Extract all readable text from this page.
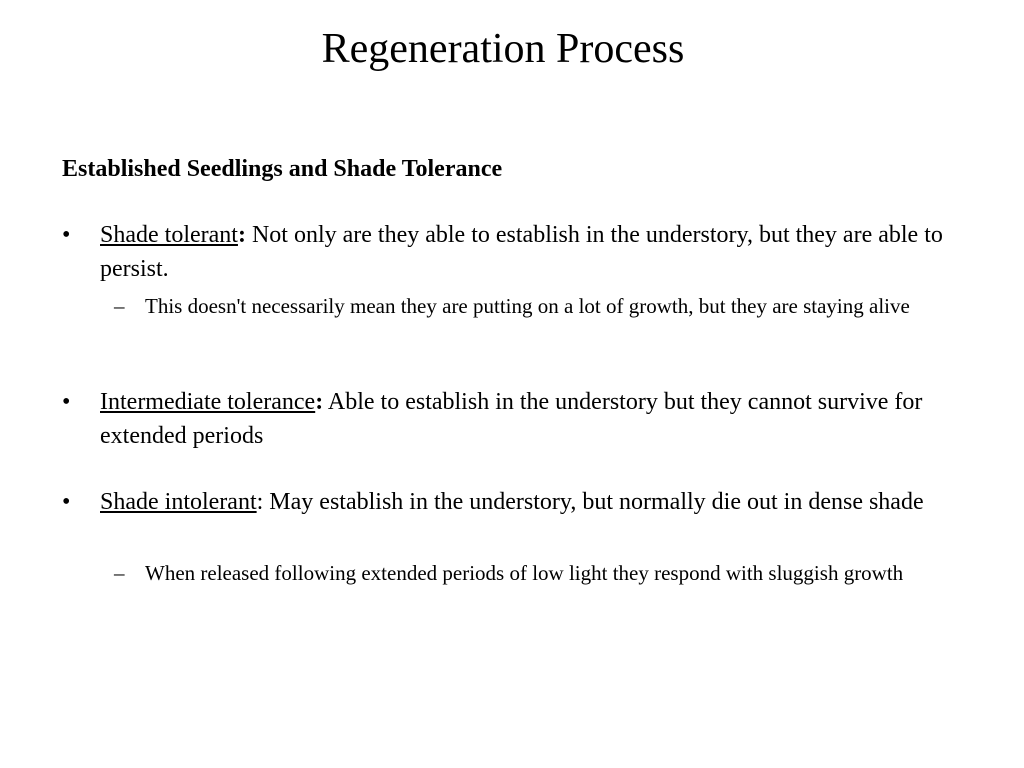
Regeneration Process
Established Seedlings and Shade Tolerance
•	Shade tolerant: Not only are they able to establish in the understory, but they are able to persist.
– This doesn't necessarily mean they are putting on a lot of growth, but they are staying alive
•	Intermediate tolerance: Able to establish in the understory but they cannot survive for extended periods
•	Shade intolerant: May establish in the understory, but normally die out in dense shade
– When released following extended periods of low light they respond with sluggish growth
